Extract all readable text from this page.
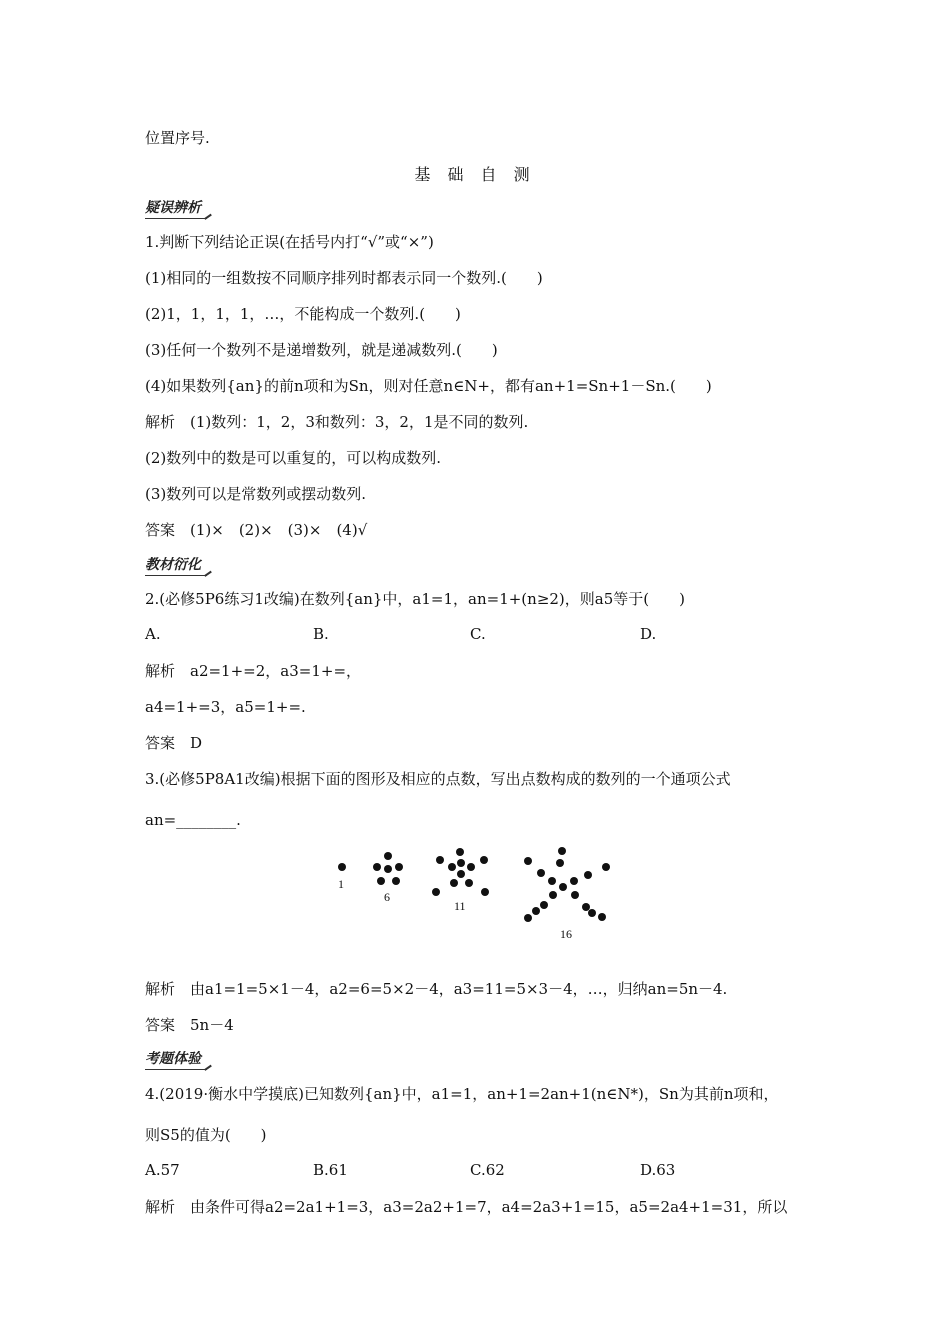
位置序号.
基 础 自 测
疑误辨析
1.判断下列结论正误(在括号内打“√”或“×”)
(1)相同的一组数按不同顺序排列时都表示同一个数列.(　　)
(2)1，1，1，1，…，不能构成一个数列.(　　)
(3)任何一个数列不是递增数列，就是递减数列.(　　)
(4)如果数列{an}的前n项和为Sn，则对任意n∈N+，都有an+1=Sn+1－Sn.(　　)
解析　(1)数列：1，2，3和数列：3，2，1是不同的数列.
(2)数列中的数是可以重复的，可以构成数列.
(3)数列可以是常数列或摆动数列.
答案　(1)×　(2)×　(3)×　(4)√
教材衍化
2.(必修5P6练习1改编)在数列{an}中，a1=1，an=1+(n≥2)，则a5等于(　　)
A.	B.	C.	D.
解析　a2=1+=2，a3=1+=，
a4=1+=3，a5=1+=.
答案　D
3.(必修5P8A1改编)根据下面的图形及相应的点数，写出点数构成的数列的一个通项公式
an=________.
1
6
11
16
解析　由a1=1=5×1－4，a2=6=5×2－4，a3=11=5×3－4，…，归纳an=5n－4.
答案　5n－4
考题体验
4.(2019·衡水中学摸底)已知数列{an}中，a1=1，an+1=2an+1(n∈N*)，Sn为其前n项和，
则S5的值为(　　)
A.57	B.61	C.62	D.63
解析　由条件可得a2=2a1+1=3，a3=2a2+1=7，a4=2a3+1=15，a5=2a4+1=31，所以
